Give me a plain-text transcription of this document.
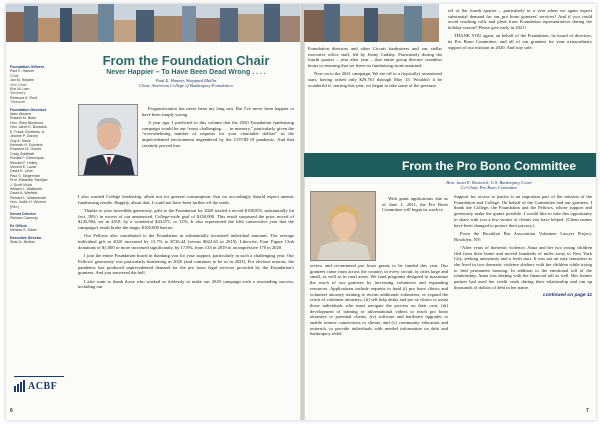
Foundation Officers
Paul E. Hanner
Chair
Jan M. Hayden
Vice Chair
Eric W. Lam
Secretary
Rebecca A. Roof
Treasurer
Foundation Directors
Marc Abrams
Russell M. Blain
Hon. Sheri Bluebond
Hon. Janet E. Bostwick
E. Frank Childress, Jr.
Jeanne P. Darcey
Guy A. Davis
Kenneth H. Eckstein
Rozanne M. Giunta
Craig Goldblatt
Ronald F. Greenspan
Richard F. Holley
Vincent E. Lazar
David E. Lena
Paul S. Singerman
Prof. Elizabeth Tashjian
J. Scott Victor
William L. Wallander
David A. Warfield
Richard L. Wasserman
Hon. Judith H. Wizmur
(Ret.)
Senior Director
Richard Carmody
Ex Officio
Melissa S. Kibler
Executive Director
Shari A. Bedker
ACBF
From the Foundation Chair
Never Happier – To Have Been Dead Wrong . . . .
Paul E. Hanner, Sheppard Mullin
Chair, American College of Bankruptcy Foundation

Prognostication has never been my long suit. But I've never been happier to have been simply wrong.

A year ago, I predicted in this column that the 2020 Foundation fundraising campaign would be our “most challenging . . . in memory,” particularly given the “overwhelming number of requests for your charitable dollars” in the unprecedented environment engendered by the COVID-19 pandemic. And that certainly proved true.

I also warned College leadership, albeit not for general consumption, that we accordingly should expect anemic fundraising results. Happily, about that, I could not have been further off the mark.

Thanks to your incredible generosity, gifts to the Foundation for 2020 totaled a record $188,855, substantially (in fact, 18%) in excess of our announced, College-wide goal of $150,000. This result surpassed the prior record of $145,984, set in 2019, by a wonderful $43,071, or 12%. It also represented the fifth consecutive year that the campaign's result broke the magic $100,000 barrier.

Our Fellows also contributed to the Foundation in substantially increased individual amounts. The average individual gift in 2020 increased by 13.7% to $726.44 (versus $622.63 in 2019). Likewise, Four Figure Club donations of $1,000 or more increased significantly, by 17.8%, from 133 in 2019 to an impressive 170 in 2020.

I join the entire Foundation board in thanking you for your support, particularly in such a challenging year. Our Fellows' generosity was particularly heartening in 2020 (and continues to be so in 2021). For obvious reasons, the pandemic has produced unprecedented demand for the pro bono legal services provided by the Foundation's grantees. And you answered the bell.

I also want to thank those who worked so tirelessly to make our 2020 campaign such a resounding success, including our

6

Foundation directors and other Circuit fundraisers and our stellar executive office staff, led by Jenny Cudaby. Particularly during the fourth quarter – year after year – that entire group devotes countless hours to ensuring that we leave no fundraising stone unturned.

Now on to the 2021 campaign. We are off to a (typically) sensational start, having raised only $29,761 through May 15. Wouldn't it be wonderful if, starting this year, we began to take some of the pressure

off of the fourth quarter – particularly in a year when we again expect substantial demand for our pro bono grantees' services? And if you could avoid reaching calls and pleas from Foundation representatives during the holiday season? Please give early in 2021!

THANK YOU again, on behalf of the Foundation, its board of directors, its Pro Bono Committee, and all of our grantees for your extraordinary support of our mission in 2020. And stay safe.

From the Pro Bono Committee
Hon. Janet E. Bostwick, U.S. Bankruptcy Court
Co-Chair, Pro Bono Committee

With grant applications due as of June 1, 2021, the Pro Bono Committee will begin its work to

review and recommend pro bono grants to be funded this year. Our grantees come from across the country, in every circuit, in cities large and small, as well as in rural areas. We fund programs designed to maximize the reach of our grantees by increasing volunteers and expanding resources. Applications include requests to fund (i) pro bono clinics and volunteer attorney training to recruit additional volunteers, or expand the reach of volunteer attorneys, (ii) self help desks and pro se clinics to assist those individuals who must navigate the process on their own, (iii) development of training or informational videos to reach pro bono attorneys or potential clients, (iv) software and hardware upgrades to enable remote connections to clients; and (v) community education and outreach, to provide individuals with needed information on debt and bankruptcy relief.

Support for access to justice is an important part of the mission of the Foundation and College. On behalf of the Committee and our grantees, I thank the College, the Foundation and the Fellows, whose support and generosity make the grants possible. I would like to take this opportunity to share with you a few stories of clients you have helped. (Client names have been changed to protect their privacy.)

From the Brooklyn Bar Association Volunteer Lawyer Project, Brooklyn, NY:

“After years of domestic violence, Anna and her two young children fled from their home and moved hundreds of miles away to New York City, seeking anonymity and a fresh start. It was not an easy transition as she lived in two domestic violence shelters with her children while trying to find permanent housing. In addition to the emotional toll of the relationship, Anna was dealing with the financial toll as well. Her former partner had used her credit cards during their relationship and ran up thousands of dollars of debt in her name.

continued on page 11
7
